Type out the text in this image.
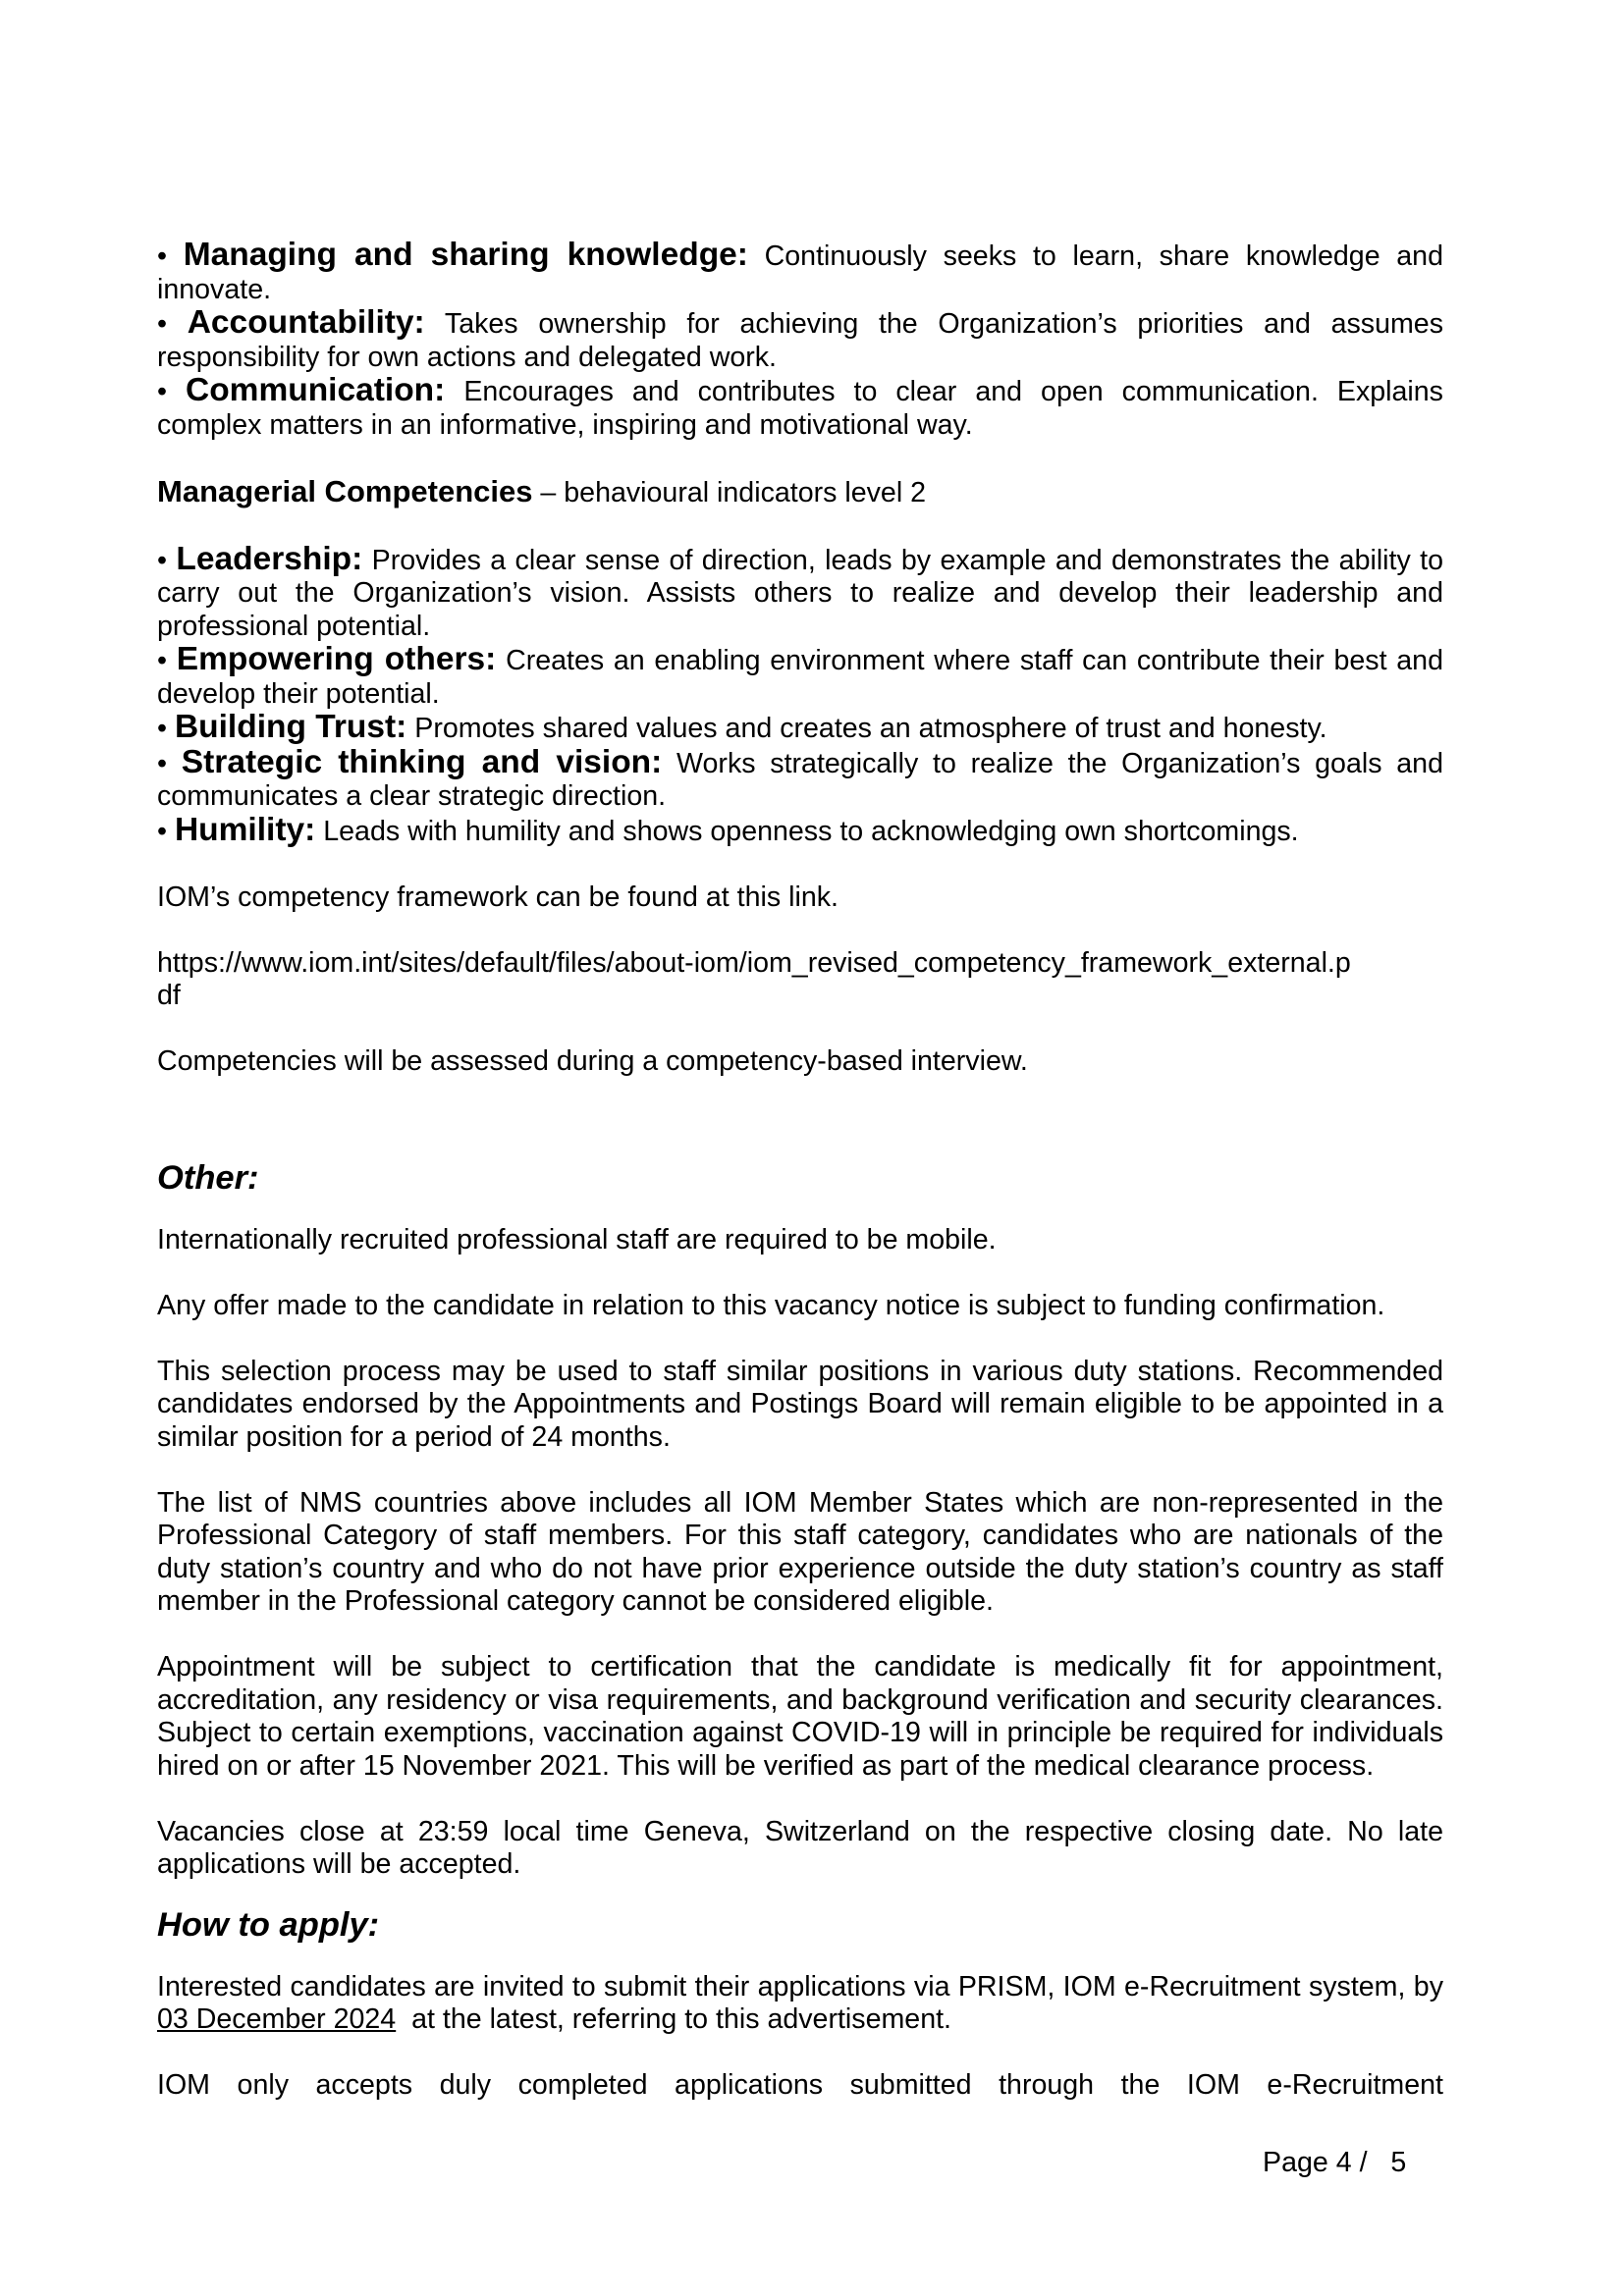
• Managing and sharing knowledge: Continuously seeks to learn, share knowledge and innovate.

• Accountability: Takes ownership for achieving the Organization’s priorities and assumes responsibility for own actions and delegated work.

• Communication: Encourages and contributes to clear and open communication. Explains complex matters in an informative, inspiring and motivational way.

Managerial Competencies – behavioural indicators level 2

• Leadership: Provides a clear sense of direction, leads by example and demonstrates the ability to carry out the Organization’s vision. Assists others to realize and develop their leadership and professional potential.

• Empowering others: Creates an enabling environment where staff can contribute their best and develop their potential.

• Building Trust: Promotes shared values and creates an atmosphere of trust and honesty.

• Strategic thinking and vision: Works strategically to realize the Organization’s goals and communicates a clear strategic direction.

• Humility: Leads with humility and shows openness to acknowledging own shortcomings.

IOM’s competency framework can be found at this link.

https://www.iom.int/sites/default/files/about-iom/iom_revised_competency_framework_external.p

df

Competencies will be assessed during a competency-based interview.

Other:

Internationally recruited professional staff are required to be mobile.

Any offer made to the candidate in relation to this vacancy notice is subject to funding confirmation.

This selection process may be used to staff similar positions in various duty stations. Recommended candidates endorsed by the Appointments and Postings Board will remain eligible to be appointed in a similar position for a period of 24 months.

The list of NMS countries above includes all IOM Member States which are non-represented in the Professional Category of staff members. For this staff category, candidates who are nationals of the duty station’s country and who do not have prior experience outside the duty station’s country as staff member in the Professional category cannot be considered eligible.

Appointment will be subject to certification that the candidate is medically fit for appointment, accreditation, any residency or visa requirements, and background verification and security clearances. Subject to certain exemptions, vaccination against COVID-19 will in principle be required for individuals hired on or after 15 November 2021. This will be verified as part of the medical clearance process.

Vacancies close at 23:59 local time Geneva, Switzerland on the respective closing date. No late applications will be accepted.

How to apply:

Interested candidates are invited to submit their applications via PRISM, IOM e-Recruitment system, by 03 December 2024  at the latest, referring to this advertisement.

IOM only accepts duly completed applications submitted through the IOM e-Recruitment

Page 4 /   5
